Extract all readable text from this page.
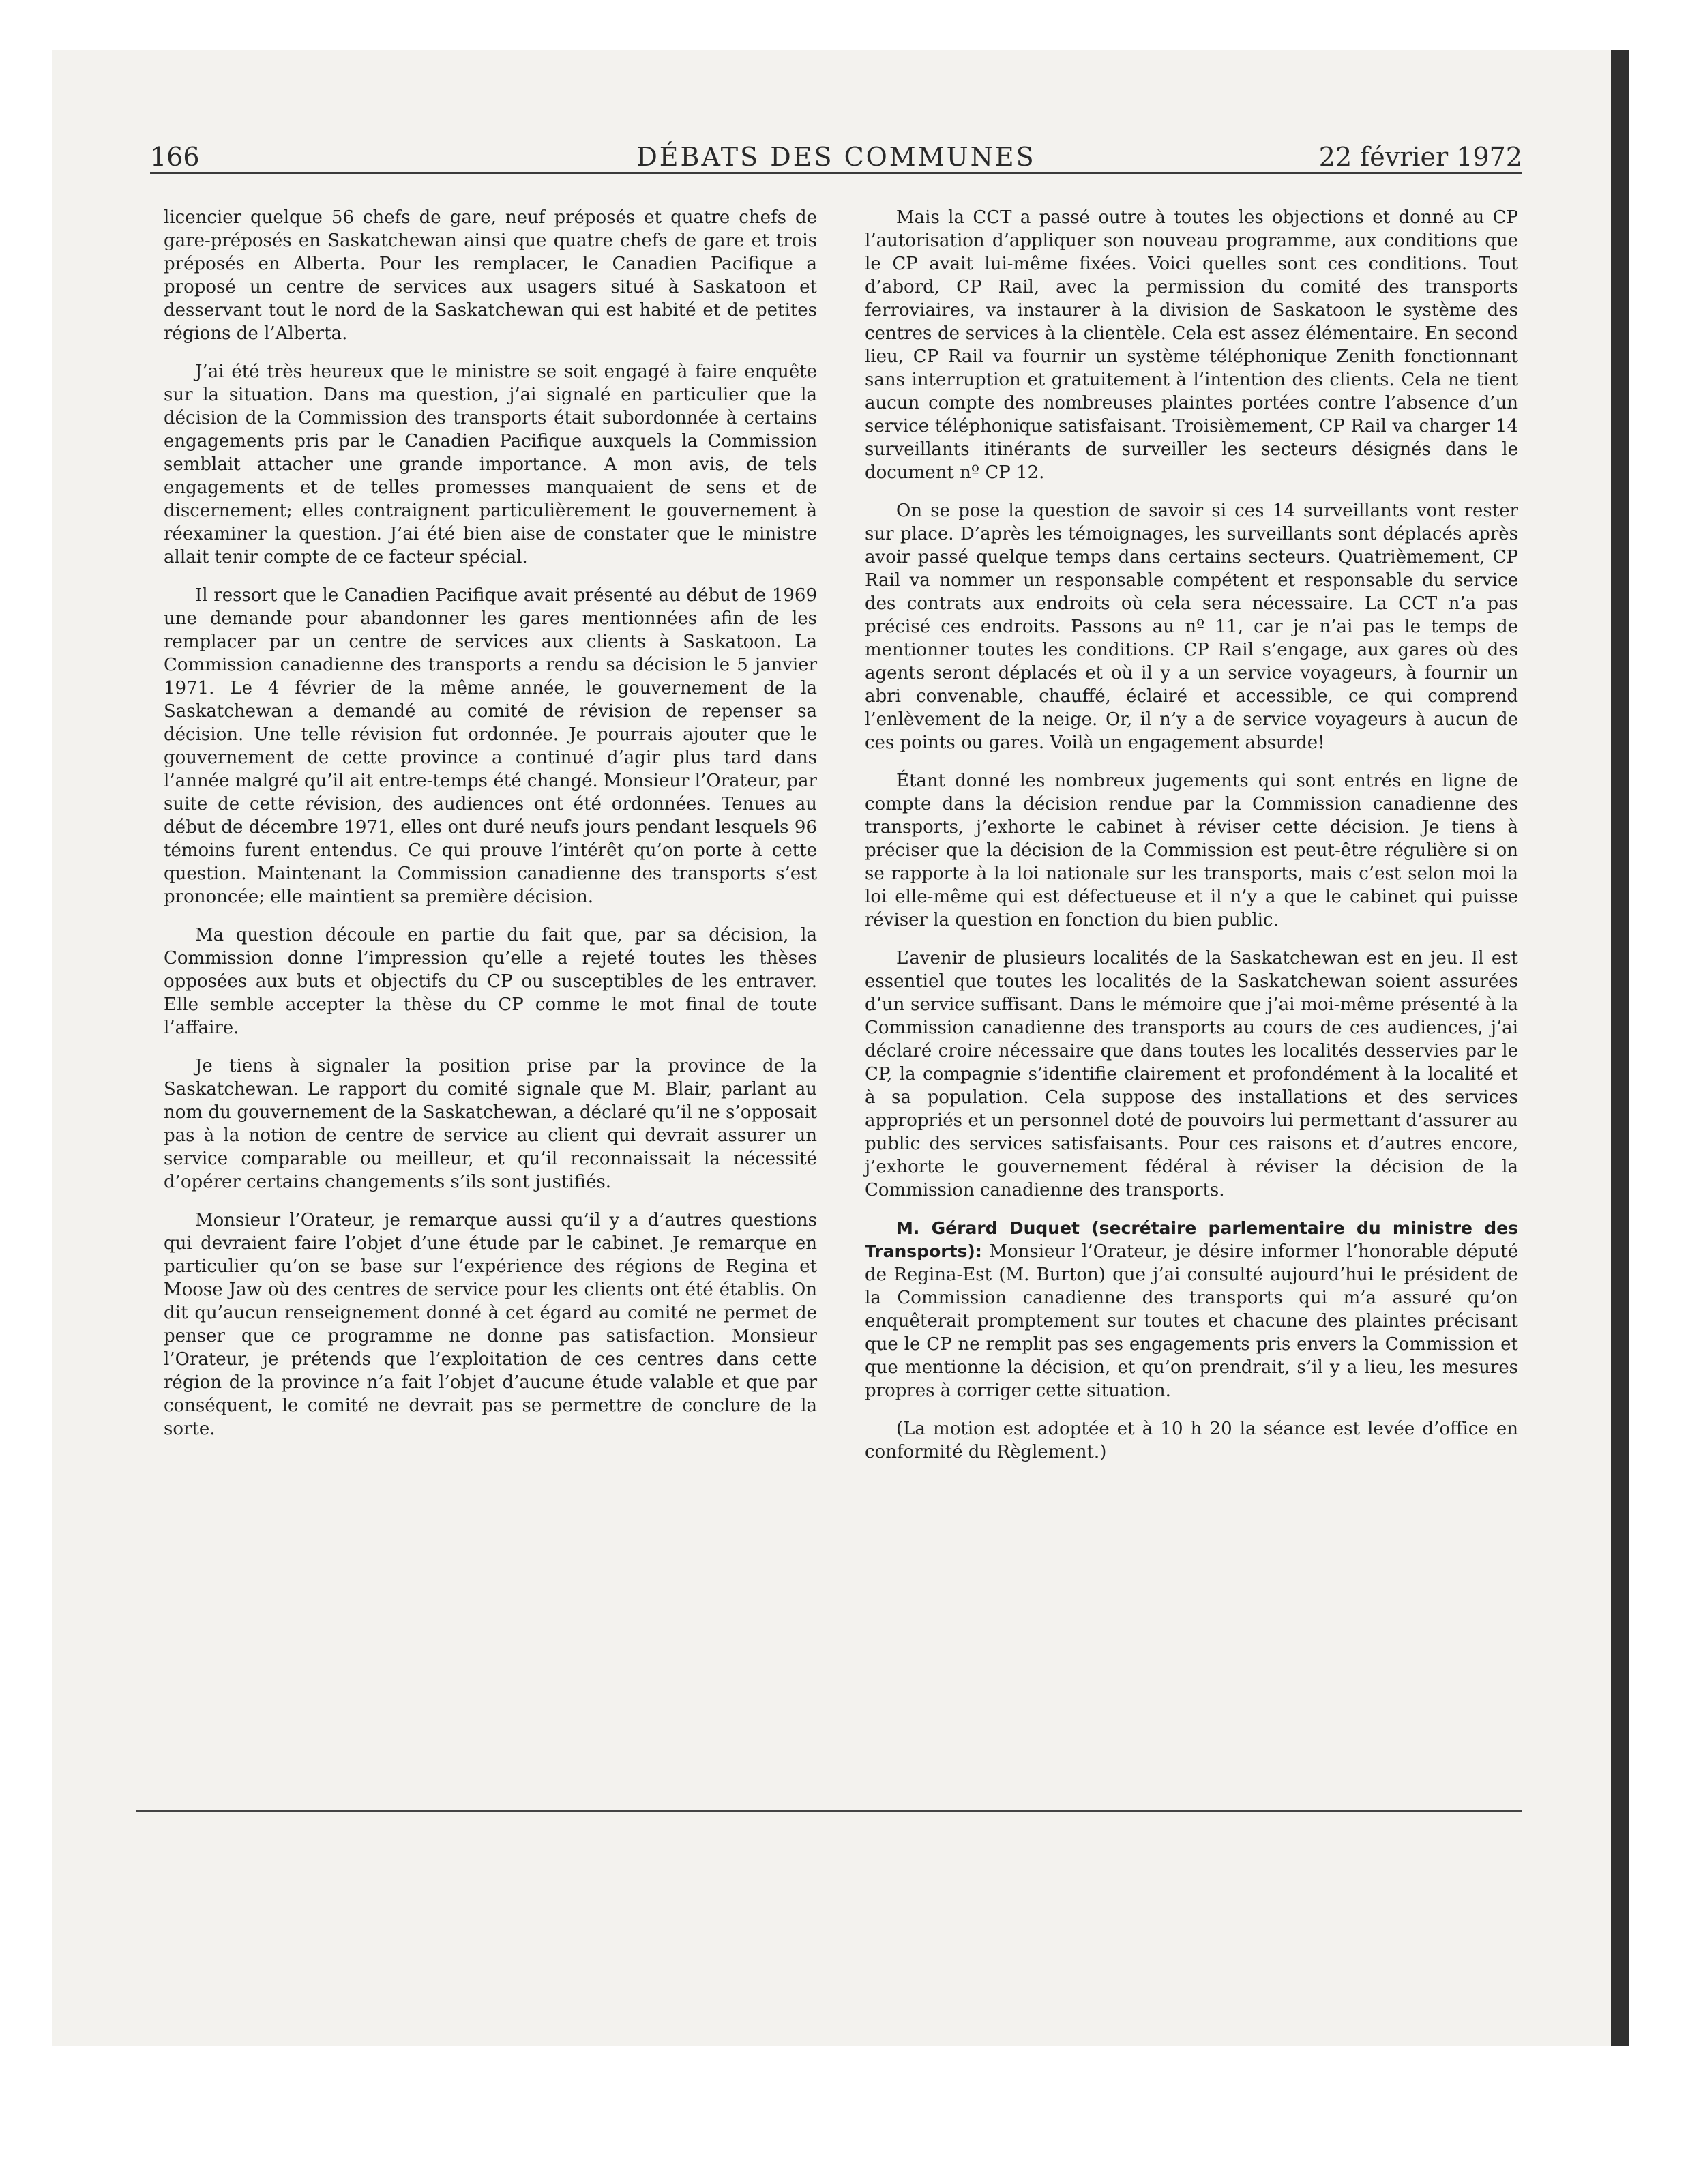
166	DÉBATS DES COMMUNES	22 février 1972

licencier quelque 56 chefs de gare, neuf préposés et quatre chefs de gare-préposés en Saskatchewan ainsi que quatre chefs de gare et trois préposés en Alberta. Pour les remplacer, le Canadien Pacifique a proposé un centre de services aux usagers situé à Saskatoon et desservant tout le nord de la Saskatchewan qui est habité et de petites régions de l’Alberta.

J’ai été très heureux que le ministre se soit engagé à faire enquête sur la situation. Dans ma question, j’ai signalé en particulier que la décision de la Commission des transports était subordonnée à certains engagements pris par le Canadien Pacifique auxquels la Commission semblait attacher une grande importance. A mon avis, de tels engagements et de telles promesses manquaient de sens et de discernement; elles contraignent particulièrement le gouvernement à réexaminer la question. J’ai été bien aise de constater que le ministre allait tenir compte de ce facteur spécial.

Il ressort que le Canadien Pacifique avait présenté au début de 1969 une demande pour abandonner les gares mentionnées afin de les remplacer par un centre de services aux clients à Saskatoon. La Commission canadienne des transports a rendu sa décision le 5 janvier 1971. Le 4 février de la même année, le gouvernement de la Saskatchewan a demandé au comité de révision de repenser sa décision. Une telle révision fut ordonnée. Je pourrais ajouter que le gouvernement de cette province a continué d’agir plus tard dans l’année malgré qu’il ait entre-temps été changé. Monsieur l’Orateur, par suite de cette révision, des audiences ont été ordonnées. Tenues au début de décembre 1971, elles ont duré neufs jours pendant lesquels 96 témoins furent entendus. Ce qui prouve l’intérêt qu’on porte à cette question. Maintenant la Commission canadienne des transports s’est prononcée; elle maintient sa première décision.

Ma question découle en partie du fait que, par sa décision, la Commission donne l’impression qu’elle a rejeté toutes les thèses opposées aux buts et objectifs du CP ou susceptibles de les entraver. Elle semble accepter la thèse du CP comme le mot final de toute l’affaire.

Je tiens à signaler la position prise par la province de la Saskatchewan. Le rapport du comité signale que M. Blair, parlant au nom du gouvernement de la Saskatchewan, a déclaré qu’il ne s’opposait pas à la notion de centre de service au client qui devrait assurer un service comparable ou meilleur, et qu’il reconnaissait la nécessité d’opérer certains changements s’ils sont justifiés.

Monsieur l’Orateur, je remarque aussi qu’il y a d’autres questions qui devraient faire l’objet d’une étude par le cabinet. Je remarque en particulier qu’on se base sur l’expérience des régions de Regina et Moose Jaw où des centres de service pour les clients ont été établis. On dit qu’aucun renseignement donné à cet égard au comité ne permet de penser que ce programme ne donne pas satisfaction. Monsieur l’Orateur, je prétends que l’exploitation de ces centres dans cette région de la province n’a fait l’objet d’aucune étude valable et que par conséquent, le comité ne devrait pas se permettre de conclure de la sorte.

Mais la CCT a passé outre à toutes les objections et donné au CP l’autorisation d’appliquer son nouveau programme, aux conditions que le CP avait lui-même fixées. Voici quelles sont ces conditions. Tout d’abord, CP Rail, avec la permission du comité des transports ferroviaires, va instaurer à la division de Saskatoon le système des centres de services à la clientèle. Cela est assez élémentaire. En second lieu, CP Rail va fournir un système téléphonique Zenith fonctionnant sans interruption et gratuitement à l’intention des clients. Cela ne tient aucun compte des nombreuses plaintes portées contre l’absence d’un service téléphonique satisfaisant. Troisièmement, CP Rail va charger 14 surveillants itinérants de surveiller les secteurs désignés dans le document nº CP 12.

On se pose la question de savoir si ces 14 surveillants vont rester sur place. D’après les témoignages, les surveillants sont déplacés après avoir passé quelque temps dans certains secteurs. Quatrièmement, CP Rail va nommer un responsable compétent et responsable du service des contrats aux endroits où cela sera nécessaire. La CCT n’a pas précisé ces endroits. Passons au nº 11, car je n’ai pas le temps de mentionner toutes les conditions. CP Rail s’engage, aux gares où des agents seront déplacés et où il y a un service voyageurs, à fournir un abri convenable, chauffé, éclairé et accessible, ce qui comprend l’enlèvement de la neige. Or, il n’y a de service voyageurs à aucun de ces points ou gares. Voilà un engagement absurde!

Étant donné les nombreux jugements qui sont entrés en ligne de compte dans la décision rendue par la Commission canadienne des transports, j’exhorte le cabinet à réviser cette décision. Je tiens à préciser que la décision de la Commission est peut-être régulière si on se rapporte à la loi nationale sur les transports, mais c’est selon moi la loi elle-même qui est défectueuse et il n’y a que le cabinet qui puisse réviser la question en fonction du bien public.

L’avenir de plusieurs localités de la Saskatchewan est en jeu. Il est essentiel que toutes les localités de la Saskatchewan soient assurées d’un service suffisant. Dans le mémoire que j’ai moi-même présenté à la Commission canadienne des transports au cours de ces audiences, j’ai déclaré croire nécessaire que dans toutes les localités desservies par le CP, la compagnie s’identifie clairement et profondément à la localité et à sa population. Cela suppose des installations et des services appropriés et un personnel doté de pouvoirs lui permettant d’assurer au public des services satisfaisants. Pour ces raisons et d’autres encore, j’exhorte le gouvernement fédéral à réviser la décision de la Commission canadienne des transports.

M. Gérard Duquet (secrétaire parlementaire du ministre des Transports): Monsieur l’Orateur, je désire informer l’honorable député de Regina-Est (M. Burton) que j’ai consulté aujourd’hui le président de la Commission canadienne des transports qui m’a assuré qu’on enquêterait promptement sur toutes et chacune des plaintes précisant que le CP ne remplit pas ses engagements pris envers la Commission et que mentionne la décision, et qu’on prendrait, s’il y a lieu, les mesures propres à corriger cette situation.

(La motion est adoptée et à 10 h 20 la séance est levée d’office en conformité du Règlement.)
